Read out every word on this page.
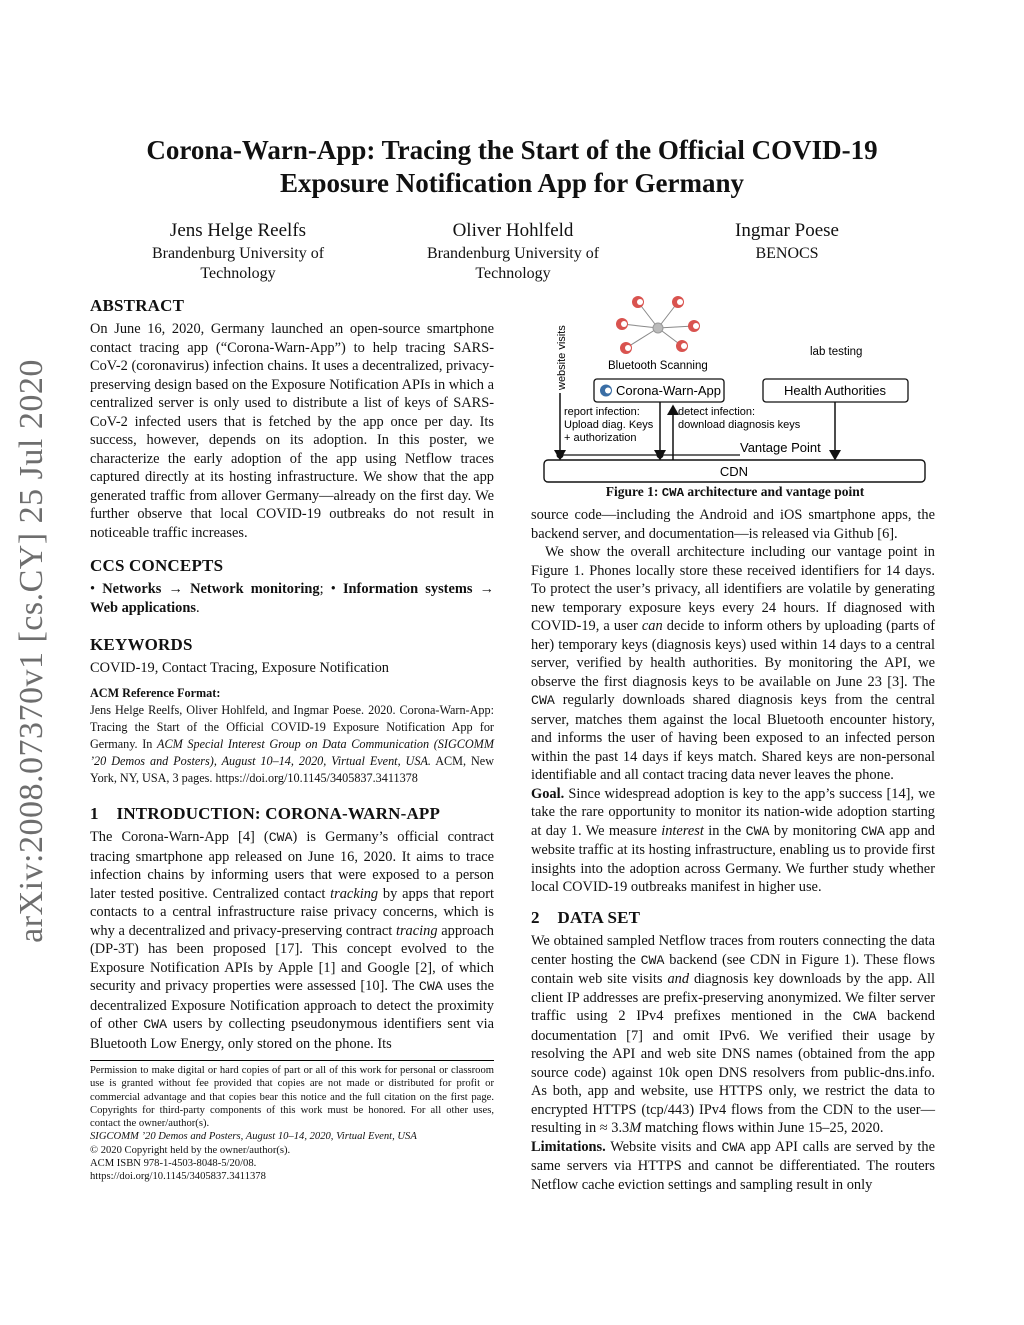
arXiv:2008.07370v1 [cs.CY] 25 Jul 2020
Corona-Warn-App: Tracing the Start of the Official COVID-19
Exposure Notification App for Germany
Jens Helge Reelfs
Brandenburg University of
Technology
Oliver Hohlfeld
Brandenburg University of
Technology
Ingmar Poese
BENOCS
ABSTRACT

On June 16, 2020, Germany launched an open-source smartphone contact tracing app (“Corona-Warn-App”) to help tracing SARS-CoV-2 (coronavirus) infection chains. It uses a decentralized, privacy-preserving design based on the Exposure Notification APIs in which a centralized server is only used to distribute a list of keys of SARS-CoV-2 infected users that is fetched by the app once per day. Its success, however, depends on its adoption. In this poster, we characterize the early adoption of the app using Netflow traces captured directly at its hosting infrastructure. We show that the app generated traffic from allover Germany—already on the first day. We further observe that local COVID-19 outbreaks do not result in noticeable traffic increases.

CCS CONCEPTS

• Networks → Network monitoring; • Information systems → Web applications.

KEYWORDS
COVID-19, Contact Tracing, Exposure Notification
ACM Reference Format:
Jens Helge Reelfs, Oliver Hohlfeld, and Ingmar Poese. 2020. Corona-Warn-App: Tracing the Start of the Official COVID-19 Exposure Notification App for Germany. In ACM Special Interest Group on Data Communication (SIGCOMM ’20 Demos and Posters), August 10–14, 2020, Virtual Event, USA. ACM, New York, NY, USA, 3 pages. https://doi.org/10.1145/3405837.3411378
1    INTRODUCTION: CORONA-WARN-APP

The Corona-Warn-App [4] (CWA) is Germany’s official contract tracing smartphone app released on June 16, 2020. It aims to trace infection chains by informing users that were exposed to a person later tested positive. Centralized contact tracking by apps that report contacts to a central infrastructure raise privacy concerns, which is why a decentralized and privacy-preserving contract tracing approach (DP-3T) has been proposed [17]. This concept evolved to the Exposure Notification APIs by Apple [1] and Google [2], of which security and privacy properties were assessed [10]. The CWA uses the decentralized Exposure Notification approach to detect the proximity of other CWA users by collecting pseudonymous identifiers sent via Bluetooth Low Energy, only stored on the phone. Its

Permission to make digital or hard copies of part or all of this work for personal or classroom use is granted without fee provided that copies are not made or distributed for profit or commercial advantage and that copies bear this notice and the full citation on the first page. Copyrights for third-party components of this work must be honored. For all other uses, contact the owner/author(s).
SIGCOMM ’20 Demos and Posters, August 10–14, 2020, Virtual Event, USA
© 2020 Copyright held by the owner/author(s).
ACM ISBN 978-1-4503-8048-5/20/08.
https://doi.org/10.1145/3405837.3411378
Bluetooth Scanning
lab testing
website visits
Corona-Warn-App	Health Authorities
Vantage Point
report infection:
Upload diag. Keys
+ authorization
detect infection:
download diagnosis keys
CDN
Figure 1: CWA architecture and vantage point

source code—including the Android and iOS smartphone apps, the backend server, and documentation—is released via Github [6].

We show the overall architecture including our vantage point in Figure 1. Phones locally store these received identifiers for 14 days. To protect the user’s privacy, all identifiers are volatile by generating new temporary exposure keys every 24 hours. If diagnosed with COVID-19, a user can decide to inform others by uploading (parts of her) temporary keys (diagnosis keys) used within 14 days to a central server, verified by health authorities. By monitoring the API, we observe the first diagnosis keys to be available on June 23 [3]. The CWA regularly downloads shared diagnosis keys from the central server, matches them against the local Bluetooth encounter history, and informs the user of having been exposed to an infected person within the past 14 days if keys match. Shared keys are non-personal identifiable and all contact tracing data never leaves the phone.

Goal. Since widespread adoption is key to the app’s success [14], we take the rare opportunity to monitor its nation-wide adoption starting at day 1. We measure interest in the CWA by monitoring CWA app and website traffic at its hosting infrastructure, enabling us to provide first insights into the adoption across Germany. We further study whether local COVID-19 outbreaks manifest in higher use.

2    DATA SET

We obtained sampled Netflow traces from routers connecting the data center hosting the CWA backend (see CDN in Figure 1). These flows contain web site visits and diagnosis key downloads by the app. All client IP addresses are prefix-preserving anonymized. We filter server traffic using 2 IPv4 prefixes mentioned in the CWA backend documentation [7] and omit IPv6. We verified their usage by resolving the API and web site DNS names (obtained from the app source code) against 10k open DNS resolvers from public-dns.info. As both, app and website, use HTTPS only, we restrict the data to encrypted HTTPS (tcp/443) IPv4 flows from the CDN to the user—resulting in ≈ 3.3M matching flows within June 15–25, 2020.

Limitations. Website visits and CWA app API calls are served by the same servers via HTTPS and cannot be differentiated. The routers Netflow cache eviction settings and sampling result in only
